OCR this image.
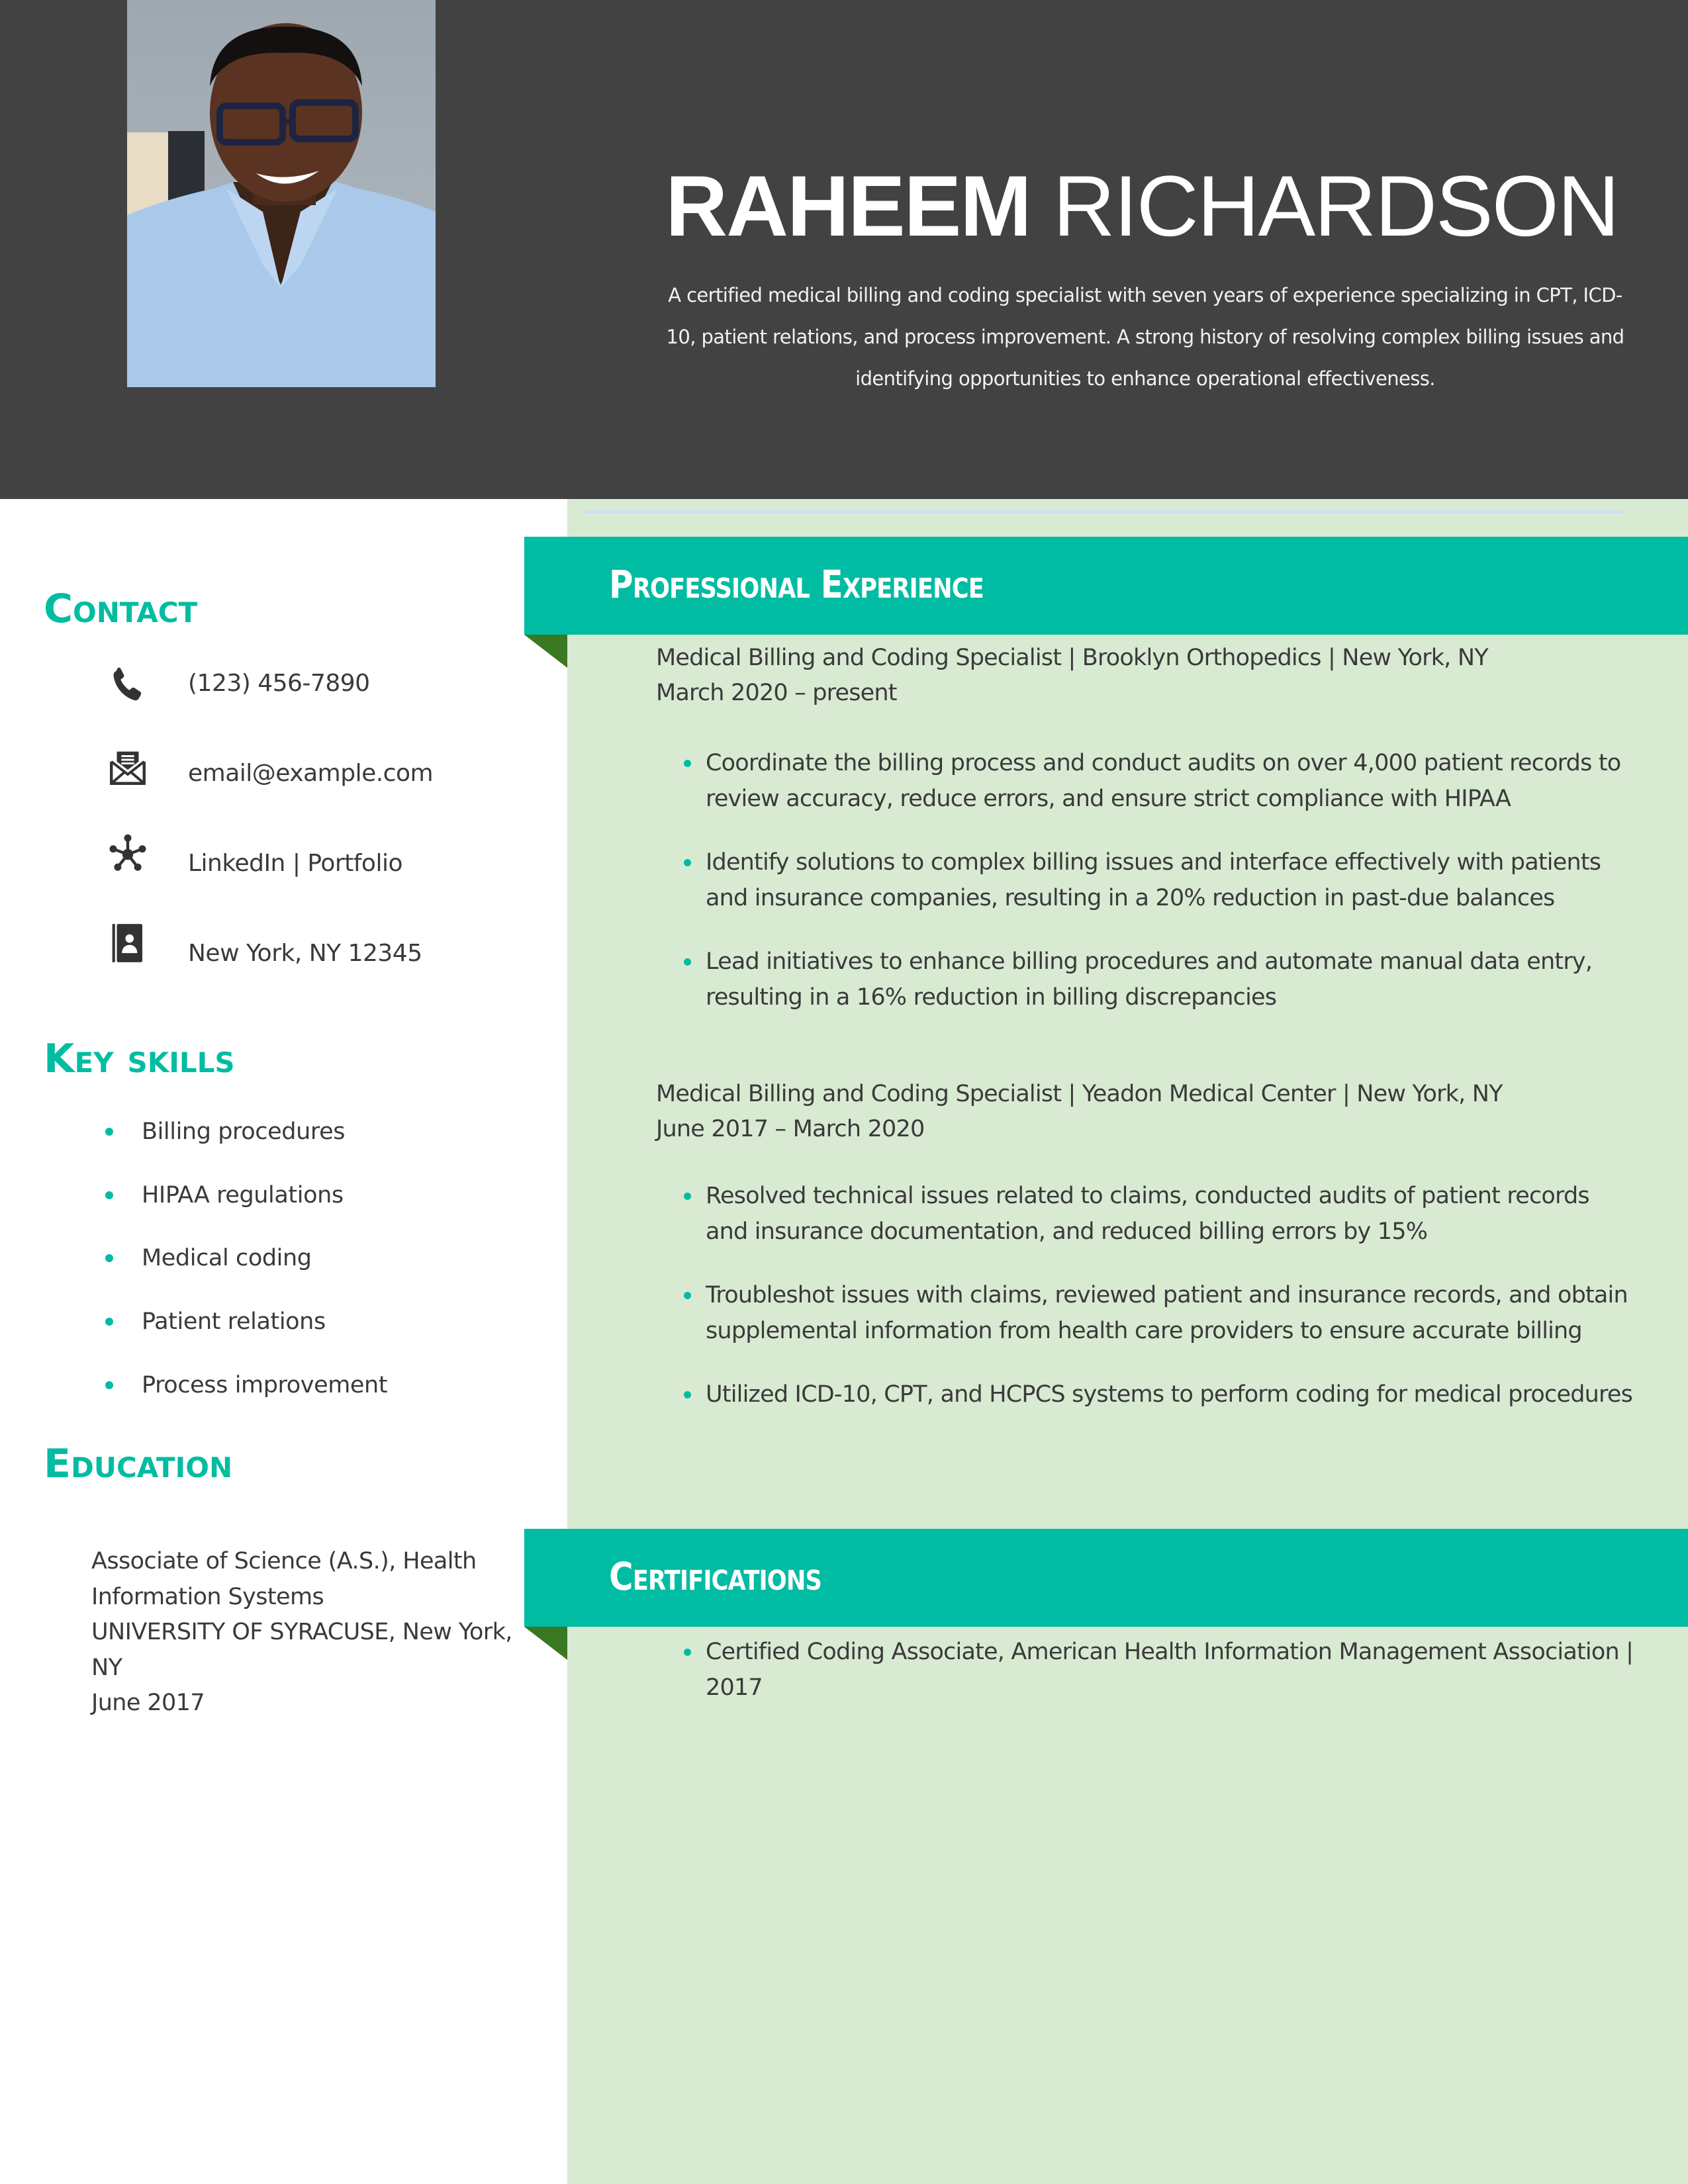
RAHEEM RICHARDSON
A certified medical billing and coding specialist with seven years of experience specializing in CPT, ICD-10, patient relations, and process improvement. A strong history of resolving complex billing issues and identifying opportunities to enhance operational effectiveness.
Contact
(123) 456-7890
email@example.com
LinkedIn | Portfolio
New York, NY 12345
Key skills
Billing procedures
HIPAA regulations
Medical coding
Patient relations
Process improvement
Education
Associate of Science (A.S.), Health Information Systems
UNIVERSITY OF SYRACUSE, New York, NY
June 2017
Professional Experience
Medical Billing and Coding Specialist | Brooklyn Orthopedics | New York, NY
March 2020 – present
Coordinate the billing process and conduct audits on over 4,000 patient records to review accuracy, reduce errors, and ensure strict compliance with HIPAA
Identify solutions to complex billing issues and interface effectively with patients and insurance companies, resulting in a 20% reduction in past-due balances
Lead initiatives to enhance billing procedures and automate manual data entry, resulting in a 16% reduction in billing discrepancies
Medical Billing and Coding Specialist | Yeadon Medical Center | New York, NY
June 2017 – March 2020
Resolved technical issues related to claims, conducted audits of patient records and insurance documentation, and reduced billing errors by 15%
Troubleshot issues with claims, reviewed patient and insurance records, and obtain supplemental information from health care providers to ensure accurate billing
Utilized ICD-10, CPT, and HCPCS systems to perform coding for medical procedures
Certifications
Certified Coding Associate, American Health Information Management Association | 2017
